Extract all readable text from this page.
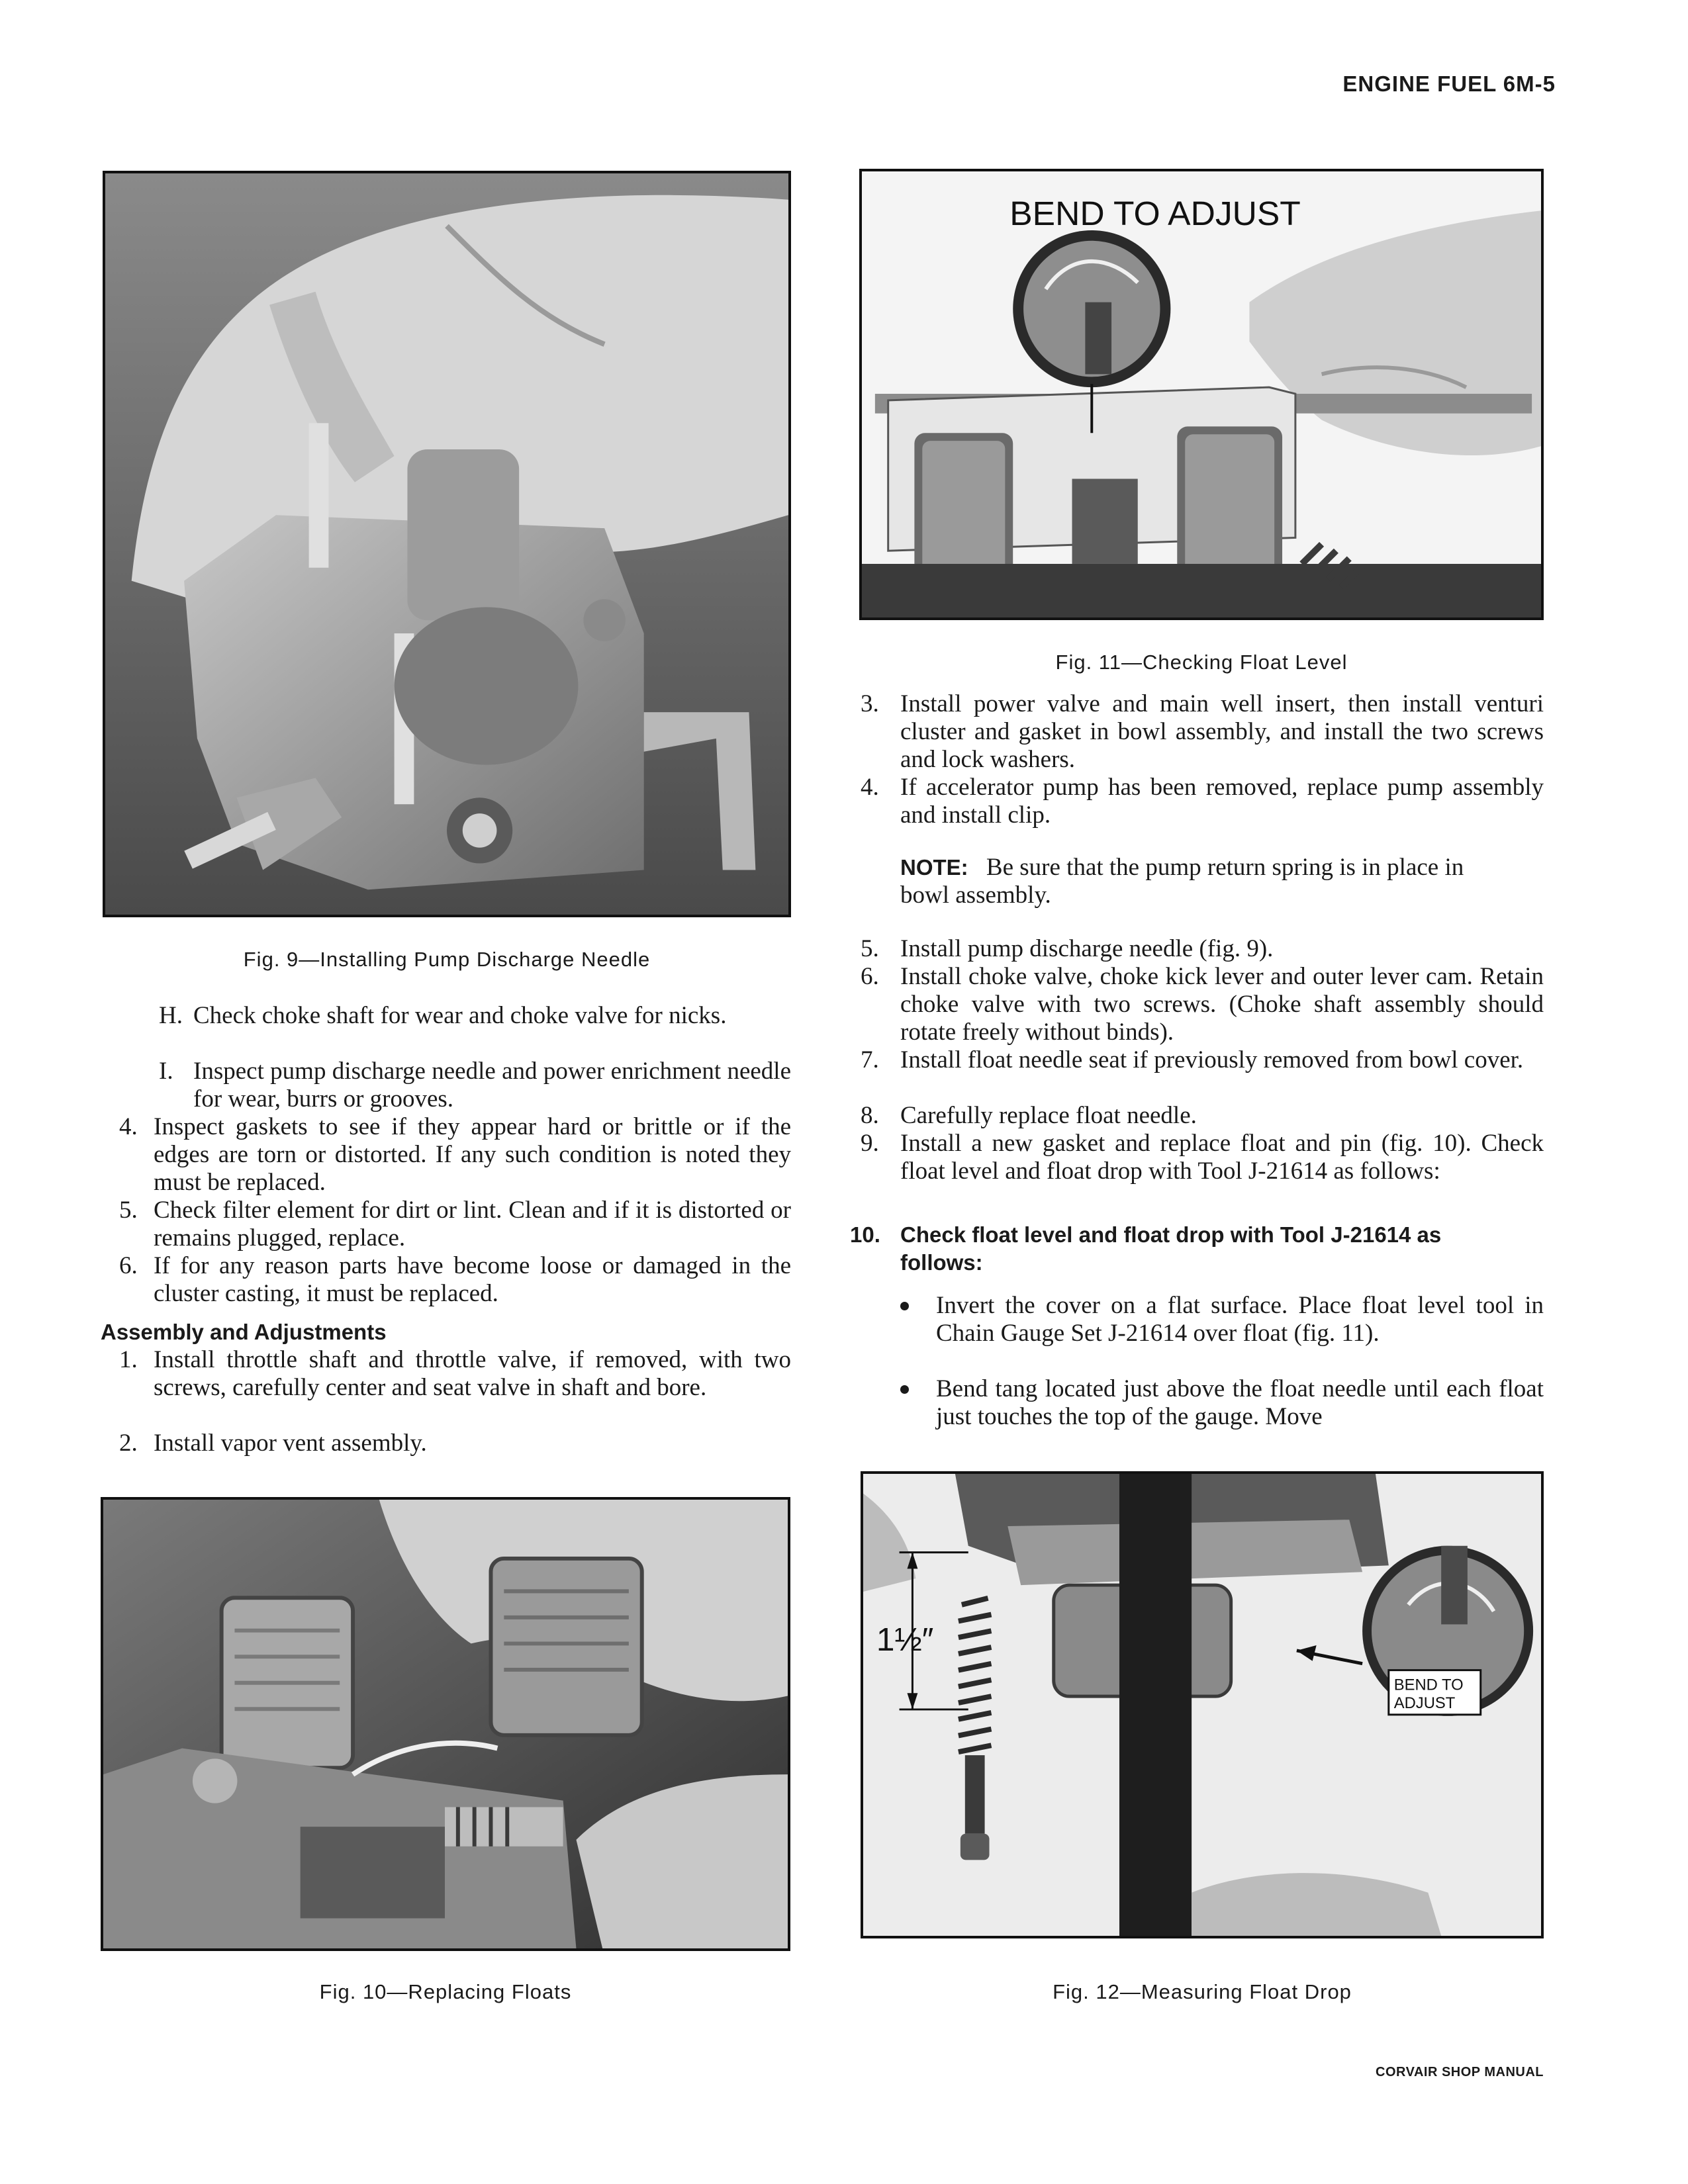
ENGINE FUEL 6M-5
Fig. 9—Installing Pump Discharge Needle
BEND TO ADJUST
Fig. 11—Checking Float Level
H. Check choke shaft for wear and choke valve for nicks.
I. Inspect pump discharge needle and power enrichment needle for wear, burrs or grooves.
4. Inspect gaskets to see if they appear hard or brittle or if the edges are torn or distorted. If any such condition is noted they must be replaced.
5. Check filter element for dirt or lint. Clean and if it is distorted or remains plugged, replace.
6. If for any reason parts have become loose or damaged in the cluster casting, it must be replaced.
Assembly and Adjustments
1. Install throttle shaft and throttle valve, if removed, with two screws, carefully center and seat valve in shaft and bore.
2. Install vapor vent assembly.
3. Install power valve and main well insert, then install venturi cluster and gasket in bowl assembly, and install the two screws and lock washers.
4. If accelerator pump has been removed, replace pump assembly and install clip.
NOTE: Be sure that the pump return spring is in place in bowl assembly.
5. Install pump discharge needle (fig. 9).
6. Install choke valve, choke kick lever and outer lever cam. Retain choke valve with two screws. (Choke shaft assembly should rotate freely without binds).
7. Install float needle seat if previously removed from bowl cover.
8. Carefully replace float needle.
9. Install a new gasket and replace float and pin (fig. 10). Check float level and float drop with Tool J-21614 as follows:
10. Check float level and float drop with Tool J-21614 as follows:
Invert the cover on a flat surface. Place float level tool in Chain Gauge Set J-21614 over float (fig. 11).
Bend tang located just above the float needle until each float just touches the top of the gauge. Move
Fig. 10—Replacing Floats
1½″
BEND TO
ADJUST
Fig. 12—Measuring Float Drop
CORVAIR SHOP MANUAL
